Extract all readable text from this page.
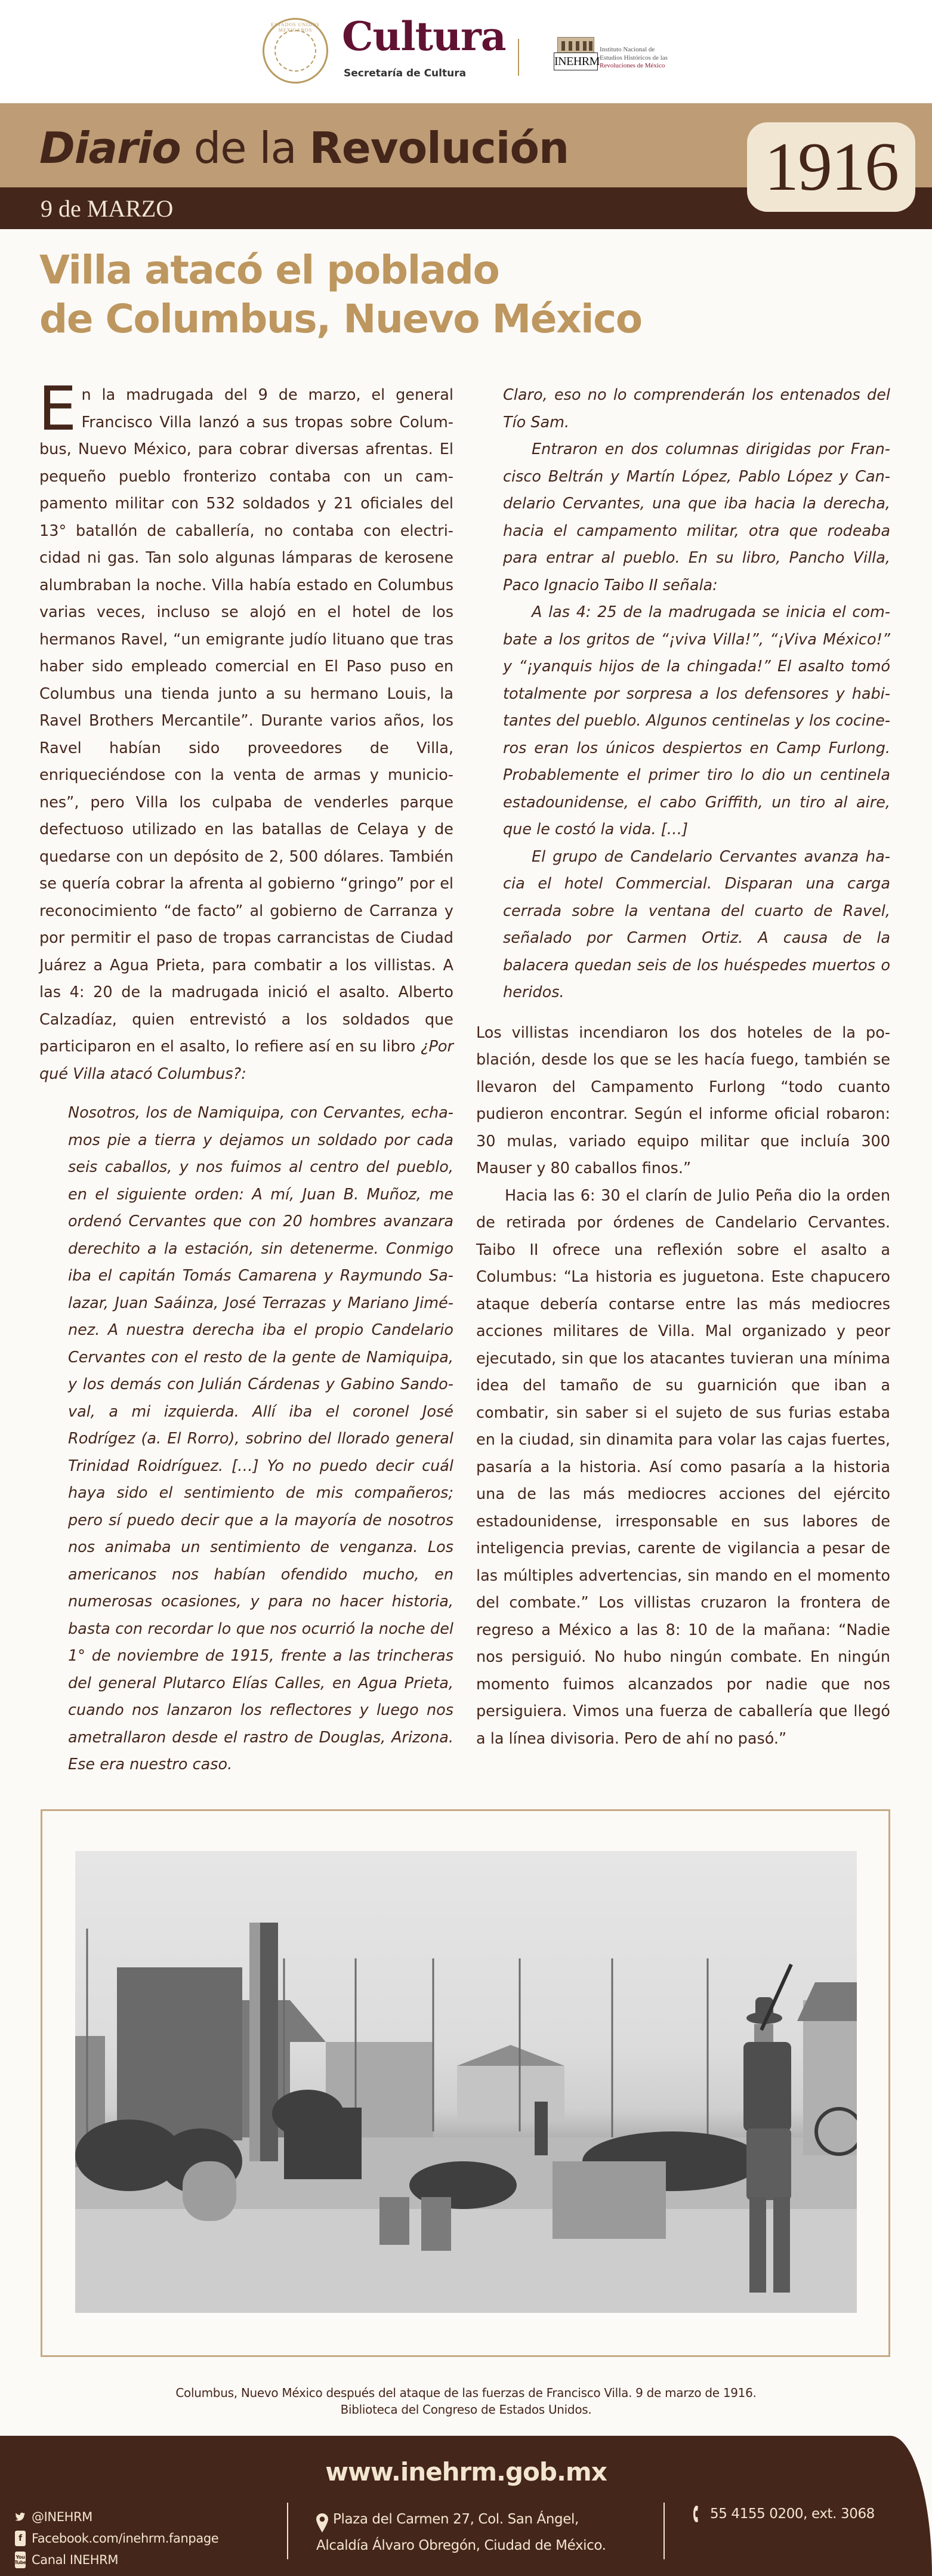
ESTADOS UNIDOS MEXICANOS Cultura
Secretaría de Cultura
INEHRM
Instituto Nacional de
Estudios Históricos de las
Revoluciones de México
Diario de la Revolución
9 de MARZO
1916
Villa atacó el poblado
de Columbus, Nuevo México

En la madrugada del 9 de marzo, el general Francisco Villa lanzó a sus tropas sobre Columbus, Nuevo México, para cobrar diversas afrentas. El pequeño pueblo fronterizo contaba con un campamento militar con 532 soldados y 21 oficiales del 13° batallón de caballería, no contaba con electricidad ni gas. Tan solo algunas lámparas de kerosene alumbraban la noche. Villa había estado en Columbus varias veces, incluso se alojó en el hotel de los hermanos Ravel, “un emigrante judío lituano que tras haber sido empleado comercial en El Paso puso en Columbus una tienda junto a su hermano Louis, la Ravel Brothers Mercantile”. Durante varios años, los Ravel habían sido proveedores de Villa, enriqueciéndose con la venta de armas y municiones”, pero Villa los culpaba de venderles parque defectuoso utilizado en las batallas de Celaya y de quedarse con un depósito de 2, 500 dólares. También se quería cobrar la afrenta al gobierno “gringo” por el reconocimiento “de facto” al gobierno de Carranza y por permitir el paso de tropas carrancistas de Ciudad Juárez a Agua Prieta, para combatir a los villistas. A las 4: 20 de la madrugada inició el asalto. Alberto Calzadíaz, quien entrevistó a los soldados que participaron en el asalto, lo refiere así en su libro ¿Por qué Villa atacó Columbus?:

Nosotros, los de Namiquipa, con Cervantes, echamos pie a tierra y dejamos un soldado por cada seis caballos, y nos fuimos al centro del pueblo, en el siguiente orden: A mí, Juan B. Muñoz, me ordenó Cervantes que con 20 hombres avanzara derechito a la estación, sin detenerme. Conmigo iba el capitán Tomás Camarena y Raymundo Salazar, Juan Saáinza, José Terrazas y Mariano Jiménez. A nuestra derecha iba el propio Candelario Cervantes con el resto de la gente de Namiquipa, y los demás con Julián Cárdenas y Gabino Sandoval, a mi izquierda. Allí iba el coronel José Rodrígez (a. El Rorro), sobrino del llorado general Trinidad Roidríguez. […] Yo no puedo decir cuál haya sido el sentimiento de mis compañeros; pero sí puedo decir que a la mayoría de nosotros nos animaba un sentimiento de venganza. Los americanos nos habían ofendido mucho, en numerosas ocasiones, y para no hacer historia, basta con recordar lo que nos ocurrió la noche del 1° de noviembre de 1915, frente a las trincheras del general Plutarco Elías Calles, en Agua Prieta, cuando nos lanzaron los reflectores y luego nos ametrallaron desde el rastro de Douglas, Arizona. Ese era nuestro caso.

Claro, eso no lo comprenderán los entenados del Tío Sam.

Entraron en dos columnas dirigidas por Francisco Beltrán y Martín López, Pablo López y Candelario Cervantes, una que iba hacia la derecha, hacia el campamento militar, otra que rodeaba para entrar al pueblo. En su libro, Pancho Villa, Paco Ignacio Taibo II señala:

A las 4: 25 de la madrugada se inicia el combate a los gritos de “¡viva Villa!”, “¡Viva México!” y “¡yanquis hijos de la chingada!” El asalto tomó totalmente por sorpresa a los defensores y habitantes del pueblo. Algunos centinelas y los cocineros eran los únicos despiertos en Camp Furlong. Probablemente el primer tiro lo dio un centinela estadounidense, el cabo Griffith, un tiro al aire, que le costó la vida. […]

El grupo de Candelario Cervantes avanza hacia el hotel Commercial. Disparan una carga cerrada sobre la ventana del cuarto de Ravel, señalado por Carmen Ortiz. A causa de la balacera quedan seis de los huéspedes muertos o heridos.

Los villistas incendiaron los dos hoteles de la población, desde los que se les hacía fuego, también se llevaron del Campamento Furlong “todo cuanto pudieron encontrar. Según el informe oficial robaron: 30 mulas, variado equipo militar que incluía 300 Mauser y 80 caballos finos.”

Hacia las 6: 30 el clarín de Julio Peña dio la orden de retirada por órdenes de Candelario Cervantes. Taibo II ofrece una reflexión sobre el asalto a Columbus: “La historia es juguetona. Este chapucero ataque debería contarse entre las más mediocres acciones militares de Villa. Mal organizado y peor ejecutado, sin que los atacantes tuvieran una mínima idea del tamaño de su guarnición que iban a combatir, sin saber si el sujeto de sus furias estaba en la ciudad, sin dinamita para volar las cajas fuertes, pasaría a la historia. Así como pasaría a la historia una de las más mediocres acciones del ejército estadounidense, irresponsable en sus labores de inteligencia previas, carente de vigilancia a pesar de las múltiples advertencias, sin mando en el momento del combate.” Los villistas cruzaron la frontera de regreso a México a las 8: 10 de la mañana: “Nadie nos persiguió. No hubo ningún combate. En ningún momento fuimos alcanzados por nadie que nos persiguiera. Vimos una fuerza de caballería que llegó a la línea divisoria. Pero de ahí no pasó.”

Columbus, Nuevo México después del ataque de las fuerzas de Francisco Villa. 9 de marzo de 1916.
Biblioteca del Congreso de Estados Unidos.
www.inehrm.gob.mx
@INEHRM
f Facebook.com/inehrm.fanpage
You
Tube Canal INEHRM
Plaza del Carmen 27, Col. San Ángel,
Alcaldía Álvaro Obregón, Ciudad de México.
55 4155 0200, ext. 3068
